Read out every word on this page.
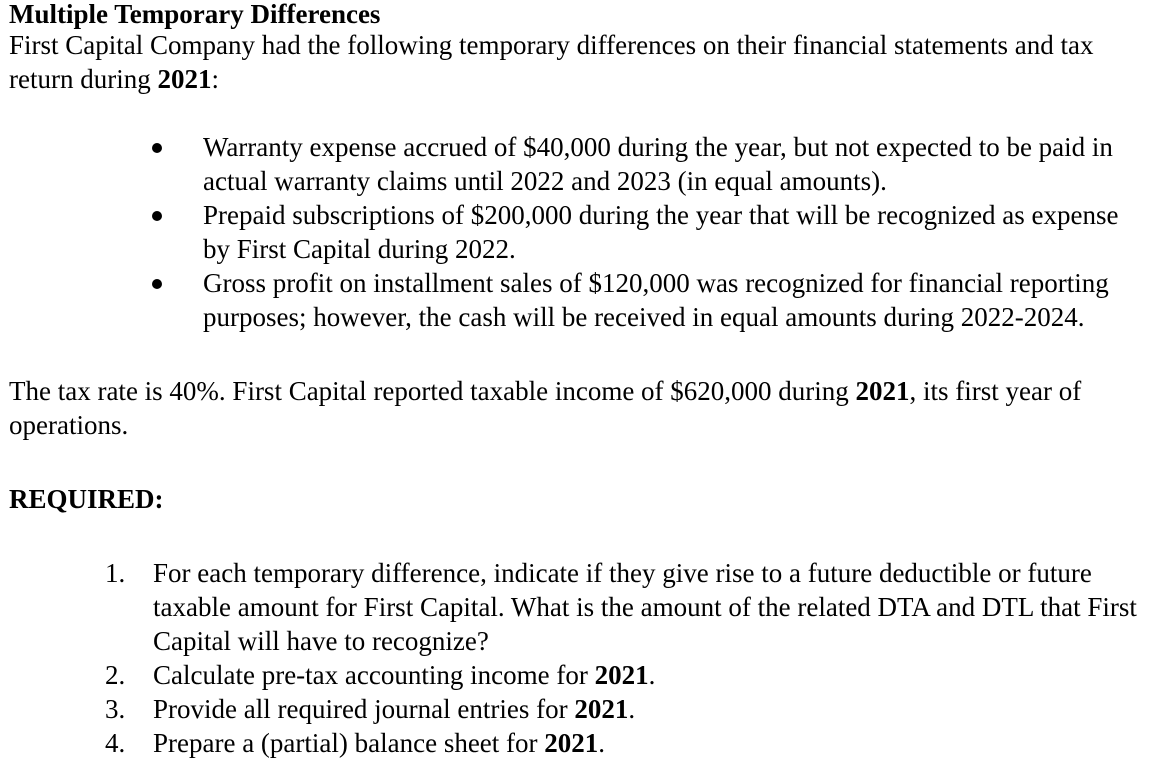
Multiple Temporary Differences

First Capital Company had the following temporary differences on their financial statements and tax return during 2021:

Warranty expense accrued of $40,000 during the year, but not expected to be paid in actual warranty claims until 2022 and 2023 (in equal amounts).
Prepaid subscriptions of $200,000 during the year that will be recognized as expense by First Capital during 2022.
Gross profit on installment sales of $120,000 was recognized for financial reporting purposes; however, the cash will be received in equal amounts during 2022-2024.

The tax rate is 40%. First Capital reported taxable income of $620,000 during 2021, its first year of operations.

REQUIRED:

1. For each temporary difference, indicate if they give rise to a future deductible or future taxable amount for First Capital. What is the amount of the related DTA and DTL that First Capital will have to recognize?
2. Calculate pre-tax accounting income for 2021.
3. Provide all required journal entries for 2021.
4. Prepare a (partial) balance sheet for 2021.
